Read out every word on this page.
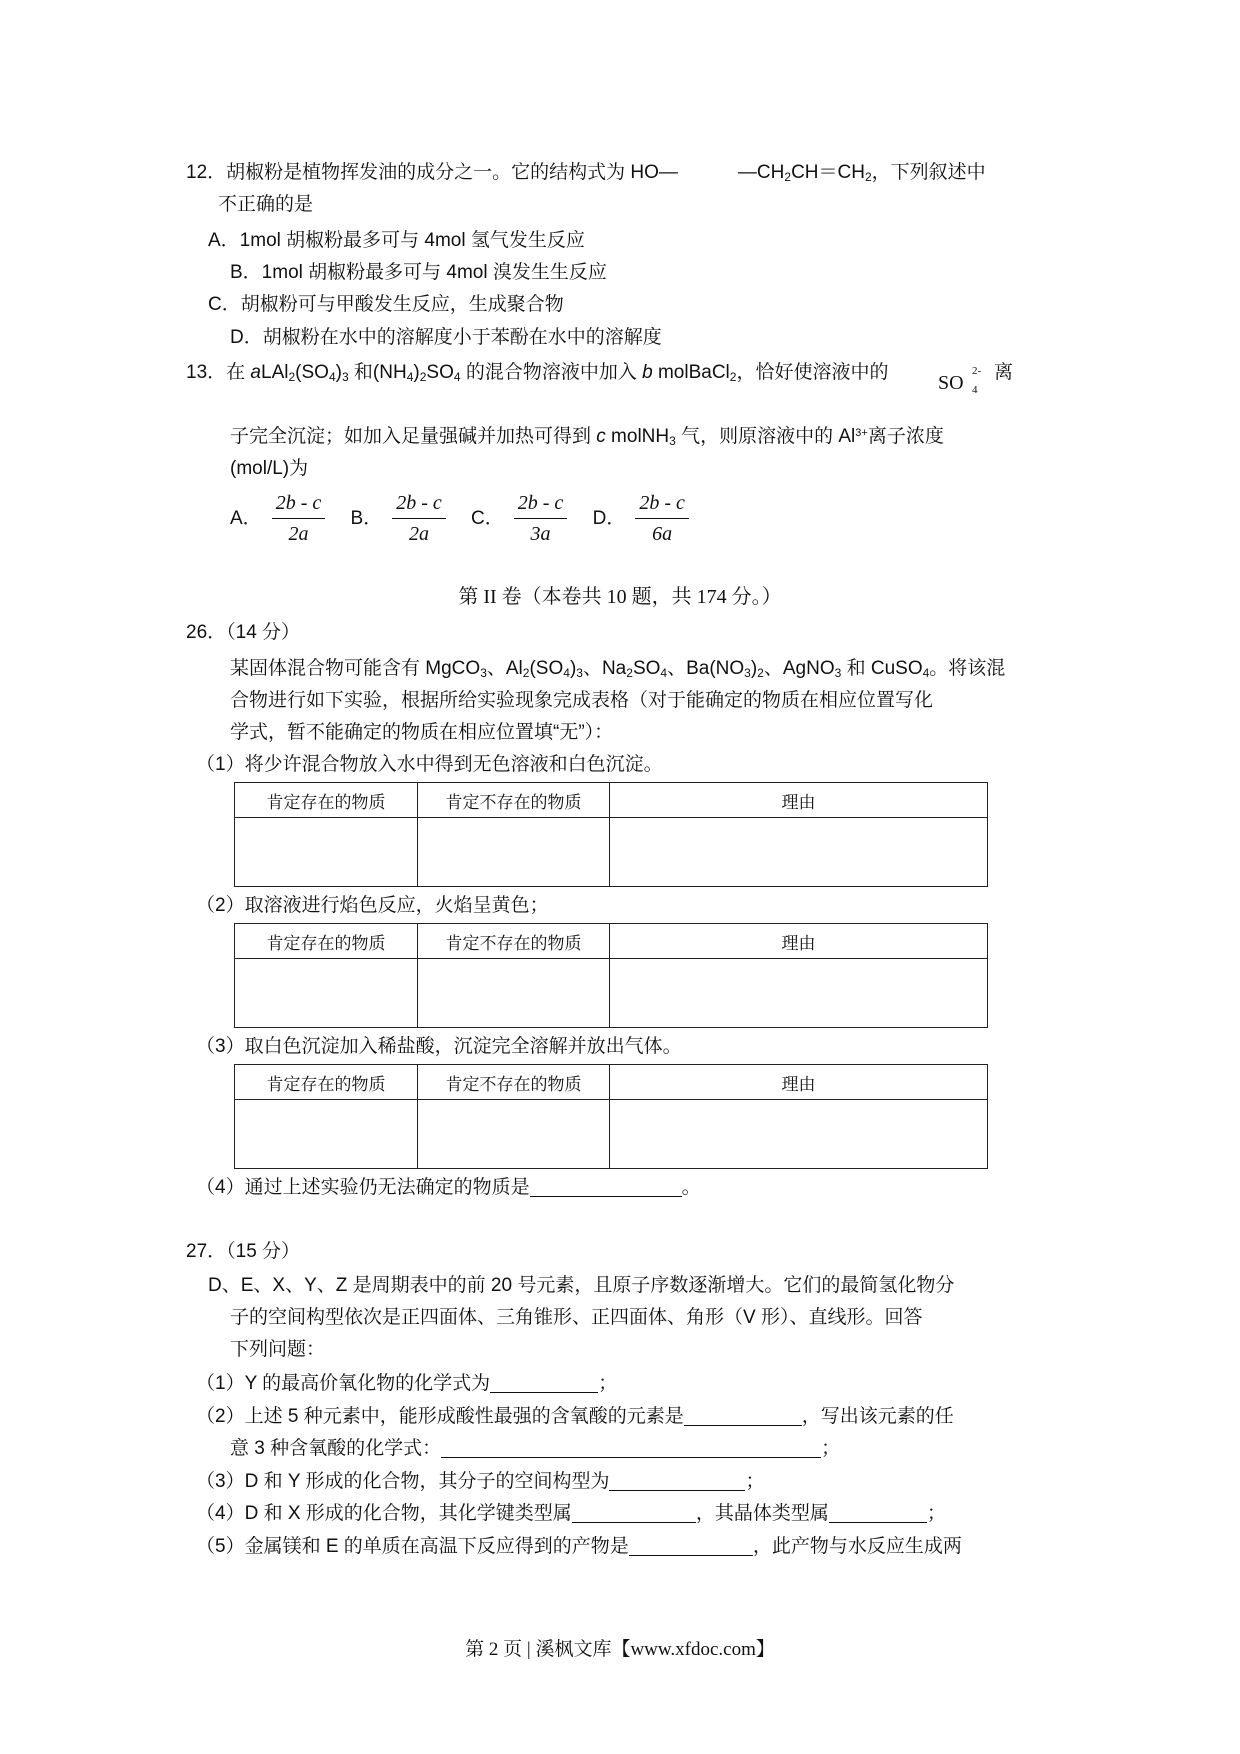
12．胡椒粉是植物挥发油的成分之一。它的结构式为 HO—	$—CH_2CH=CH_2$，下列叙述中
不正确的是
A．1mol 胡椒粉最多可与 4mol 氢气发生反应
B．1mol 胡椒粉最多可与 4mol 溴发生生反应
C．胡椒粉可与甲酸发生反应，生成聚合物
D．胡椒粉在水中的溶解度小于苯酚在水中的溶解度
13．在 $aLAl_2(SO_4)_3$ 和$(NH_4)_2SO_4$ 的混合物溶液中加入 b molBaCl$_2$，恰好使溶液中的 SO
2-
4
离
子完全沉淀；如加入足量强碱并加热可得到 c molNH$_3$ 气，则原溶液中的 $Al^{3+}$离子浓度
(mol/L)为
A． $\frac{2b - c}{2a}$ B． $\frac{2b - c}{2a}$ C． $\frac{2b - c}{3a}$ D． $\frac{2b - c}{6a}$
第 II 卷（本卷共 10 题，共 174 分。）
26．（14 分）
某固体混合物可能含有 MgCO$_3$、$Al_2(SO_4)_3$、$Na_2SO_4$、$Ba(NO_3)_2$、AgNO$_3$ 和 CuSO$_4$。将该混
合物进行如下实验，根据所给实验现象完成表格（对于能确定的物质在相应位置写化
学式，暂不能确定的物质在相应位置填“无”）：
（1）将少许混合物放入水中得到无色溶液和白色沉淀。
肯定存在的物质	肯定不存在的物质	理由

（2）取溶液进行焰色反应，火焰呈黄色；
肯定存在的物质	肯定不存在的物质	理由

（3）取白色沉淀加入稀盐酸，沉淀完全溶解并放出气体。
肯定存在的物质	肯定不存在的物质	理由

（4）通过上述实验仍无法确定的物质是	。
27．（15 分）
D、E、X、Y、Z 是周期表中的前 20 号元素，且原子序数逐渐增大。它们的最简氢化物分
子的空间构型依次是正四面体、三角锥形、正四面体、角形（V 形）、直线形。回答
下列问题：
（1）Y 的最高价氧化物的化学式为	；
（2）上述 5 种元素中，能形成酸性最强的含氧酸的元素是	，写出该元素的任
意 3 种含氧酸的化学式：	；
（3）D 和 Y 形成的化合物，其分子的空间构型为	；
（4）D 和 X 形成的化合物，其化学键类型属	，其晶体类型属	；
（5）金属镁和 E 的单质在高温下反应得到的产物是	，此产物与水反应生成两
第 2 页 | 溪枫文库【www.xfdoc.com】
